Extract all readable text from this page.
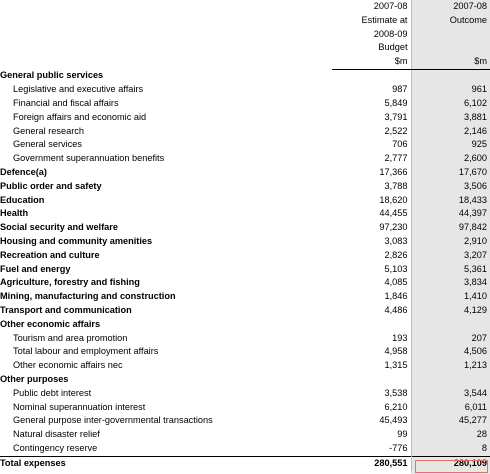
	2007-08	2007-08
	Estimate at	Outcome
	2008-09	
	Budget	
	$m	$m
General public services		
Legislative and executive affairs	987	961
Financial and fiscal affairs	5,849	6,102
Foreign affairs and economic aid	3,791	3,881
General research	2,522	2,146
General services	706	925
Government superannuation benefits	2,777	2,600
Defence(a)	17,366	17,670
Public order and safety	3,788	3,506
Education	18,620	18,433
Health	44,455	44,397
Social security and welfare	97,230	97,842
Housing and community amenities	3,083	2,910
Recreation and culture	2,826	3,207
Fuel and energy	5,103	5,361
Agriculture, forestry and fishing	4,085	3,834
Mining, manufacturing and construction	1,846	1,410
Transport and communication	4,486	4,129
Other economic affairs		
Tourism and area promotion	193	207
Total labour and employment affairs	4,958	4,506
Other economic affairs nec	1,315	1,213
Other purposes		
Public debt interest	3,538	3,544
Nominal superannuation interest	6,210	6,011
General purpose inter-governmental transactions	45,493	45,277
Natural disaster relief	99	28
Contingency reserve	-776	8
Total expenses	280,551	280,109
